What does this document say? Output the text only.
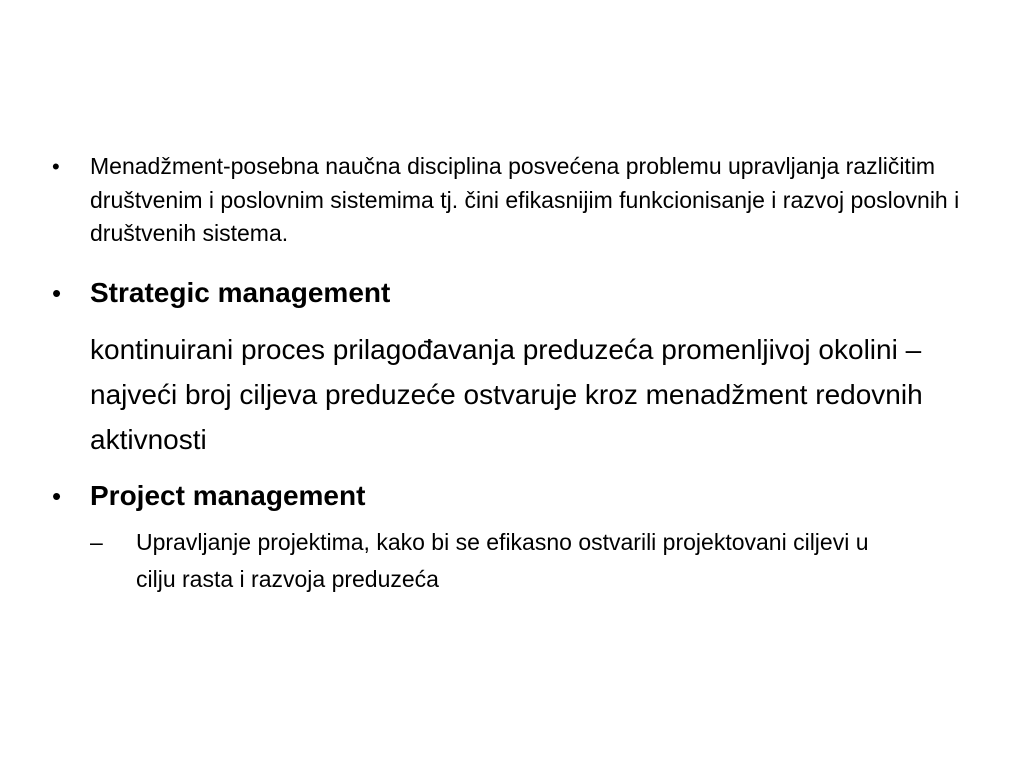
•	Menadžment-posebna naučna disciplina posvećena problemu upravljanja različitim društvenim i poslovnim sistemima tj. čini efikasnijim funkcionisanje i razvoj poslovnih i društvenih sistema.
•	Strategic management
kontinuirani proces prilagođavanja preduzeća promenljivoj okolini – najveći broj ciljeva preduzeće ostvaruje kroz menadžment redovnih aktivnosti
•	Project management
–	Upravljanje projektima, kako bi se efikasno ostvarili projektovani ciljevi u cilju rasta i razvoja preduzeća
